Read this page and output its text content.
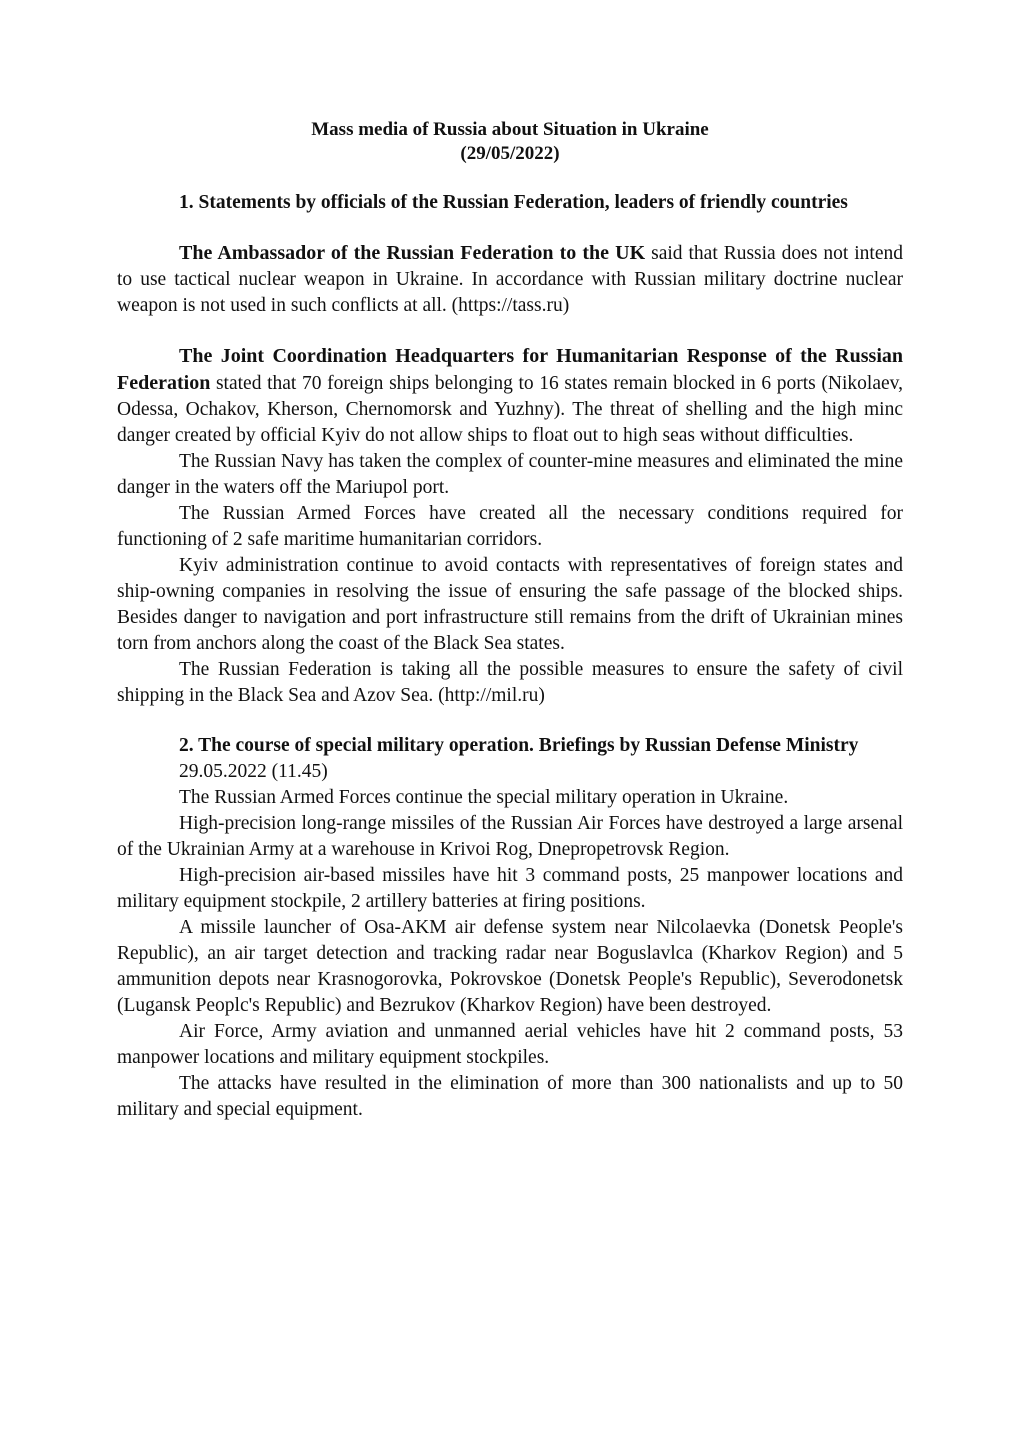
Mass media of Russia about Situation in Ukraine
(29/05/2022)

1. Statements by officials of the Russian Federation, leaders of friendly countries

The Ambassador of the Russian Federation to the UK said that Russia does not intend to use tactical nuclear weapon in Ukraine. In accordance with Russian military doctrine nuclear weapon is not used in such conflicts at all. (https://tass.ru)

The Joint Coordination Headquarters for Humanitarian Response of the Russian Federation stated that 70 foreign ships belonging to 16 states remain blocked in 6 ports (Nikolaev, Odessa, Ochakov, Kherson, Chernomorsk and Yuzhny). The threat of shelling and the high minc danger created by official Kyiv do not allow ships to float out to high seas without difficulties.

The Russian Navy has taken the complex of counter-mine measures and eliminated the mine danger in the waters off the Mariupol port.

The Russian Armed Forces have created all the necessary conditions required for functioning of 2 safe maritime humanitarian corridors.

Kyiv administration continue to avoid contacts with representatives of foreign states and ship-owning companies in resolving the issue of ensuring the safe passage of the blocked ships. Besides danger to navigation and port infrastructure still remains from the drift of Ukrainian mines torn from anchors along the coast of the Black Sea states.

The Russian Federation is taking all the possible measures to ensure the safety of civil shipping in the Black Sea and Azov Sea. (http://mil.ru)

2. The course of special military operation. Briefings by Russian Defense Ministry

29.05.2022 (11.45)

The Russian Armed Forces continue the special military operation in Ukraine.

High-precision long-range missiles of the Russian Air Forces have destroyed a large arsenal of the Ukrainian Army at a warehouse in Krivoi Rog, Dnepropetrovsk Region.

High-precision air-based missiles have hit 3 command posts, 25 manpower locations and military equipment stockpile, 2 artillery batteries at firing positions.

A missile launcher of Osa-AKM air defense system near Nilcolaevka (Donetsk People's Republic), an air target detection and tracking radar near Boguslavlca (Kharkov Region) and 5 ammunition depots near Krasnogorovka, Pokrovskoe (Donetsk People's Republic), Severodonetsk (Lugansk Peoplc's Republic) and Bezrukov (Kharkov Region) have been destroyed.

Air Force, Army aviation and unmanned aerial vehicles have hit 2 command posts, 53 manpower locations and military equipment stockpiles.

The attacks have resulted in the elimination of more than 300 nationalists and up to 50 military and special equipment.
